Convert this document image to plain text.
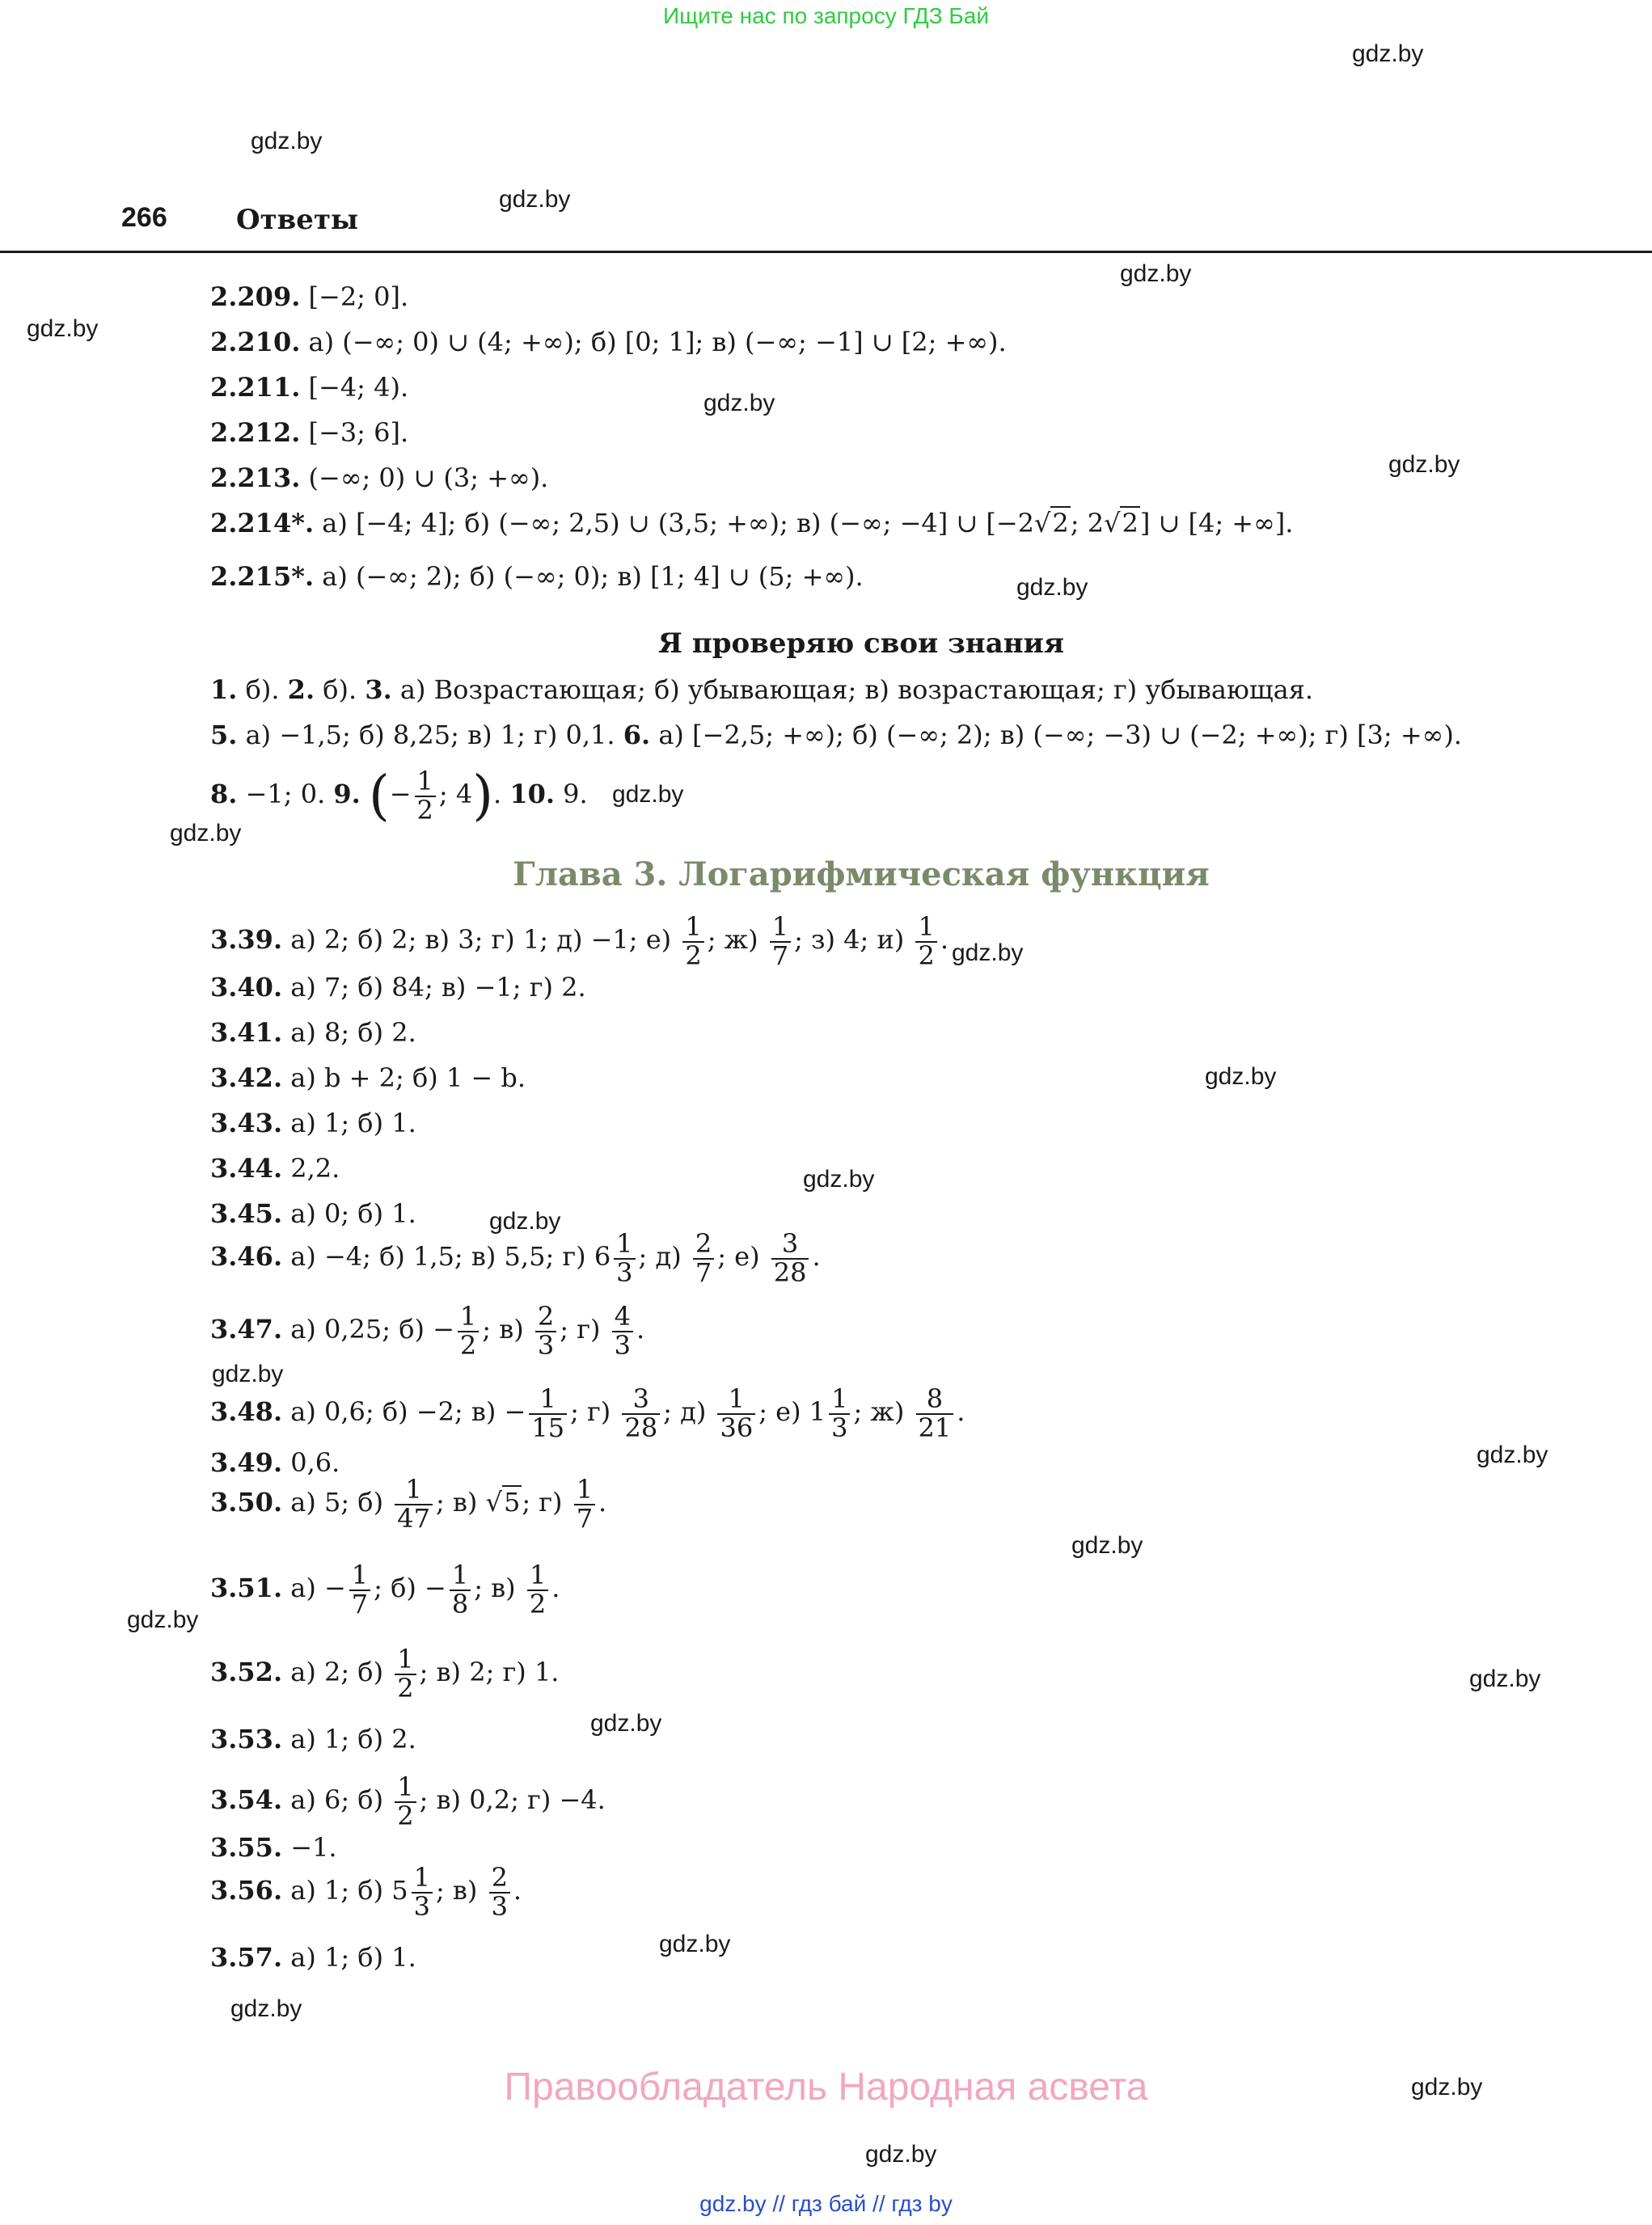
Ищите нас по запросу ГДЗ Бай
gdz.by
gdz.by
gdz.by
gdz.by
gdz.by
gdz.by
gdz.by
gdz.by
gdz.by
gdz.by
gdz.by
gdz.by
gdz.by
gdz.by
gdz.by
gdz.by
gdz.by
gdz.by
gdz.by
gdz.by
gdz.by
gdz.by
gdz.by
gdz.by
266	Ответы
2.209. [−2; 0].
2.210. а) (−∞; 0) ∪ (4; +∞); б) [0; 1]; в) (−∞; −1] ∪ [2; +∞).
2.211. [−4; 4).
2.212. [−3; 6].
2.213. (−∞; 0) ∪ (3; +∞).
2.214*. а) [−4; 4]; б) (−∞; 2,5) ∪ (3,5; +∞); в) (−∞; −4] ∪ [−2√2; 2√2] ∪ [4; +∞].
2.215*. а) (−∞; 2); б) (−∞; 0); в) [1; 4] ∪ (5; +∞).
Я проверяю свои знания
1. б). 2. б). 3. а) Возрастающая; б) убывающая; в) возрастающая; г) убывающая.
5. а) −1,5; б) 8,25; в) 1; г) 0,1. 6. а) [−2,5; +∞); б) (−∞; 2); в) (−∞; −3) ∪ (−2; +∞); г) [3; +∞).
8. −1; 0. 9. (− $\frac{1}{2}$ ; 4). 10. 9.
Глава 3. Логарифмическая функция
3.39. а) 2; б) 2; в) 3; г) 1; д) −1; $е) \frac{1}{2}$ ; $ж) \frac{1}{7}$ ; з) 4; $и) \frac{1}{2}$ .
3.40. а) 7; б) 84; в) −1; г) 2.
3.41. а) 8; б) 2.
3.42. а) b + 2; б) 1 − b.
3.43. а) 1; б) 1.
3.44. 2,2.
3.45. а) 0; б) 1.
3.46. а) −4; б) 1,5; в) 5,5; г) $6 \frac{1}{3}$ ; $д) \frac{2}{7}$ ; $е) \frac{3}{28}$ .
3.47. а) 0,25; $б) - \frac{1}{2}$ ; $в) \frac{2}{3}$ ; $г) \frac{4}{3}$ .
3.48. а) 0,6; б) −2; $в) - \frac{1}{15}$ ; $г) \frac{3}{28}$ ; $д) \frac{1}{36}$ ; е) $1 \frac{1}{3}$ ; $ж) \frac{8}{21}$ .
3.49. 0,6.
3.50. а) 5; $б) \frac{1}{47}$ ; в) √5; $г) \frac{1}{7}$ .
3.51. $а) - \frac{1}{7}$ ; $б) - \frac{1}{8}$ ; $в) \frac{1}{2}$ .
3.52. а) 2; $б) \frac{1}{2}$ ; в) 2; г) 1.
3.53. а) 1; б) 2.
3.54. а) 6; $б) \frac{1}{2}$ ; в) 0,2; г) −4.
3.55. −1.
3.56. а) 1; б) $5 \frac{1}{3}$ ; $в) \frac{2}{3}$ .
3.57. а) 1; б) 1.
Правообладатель Народная асвета
gdz.by // гдз бай // гдз by
